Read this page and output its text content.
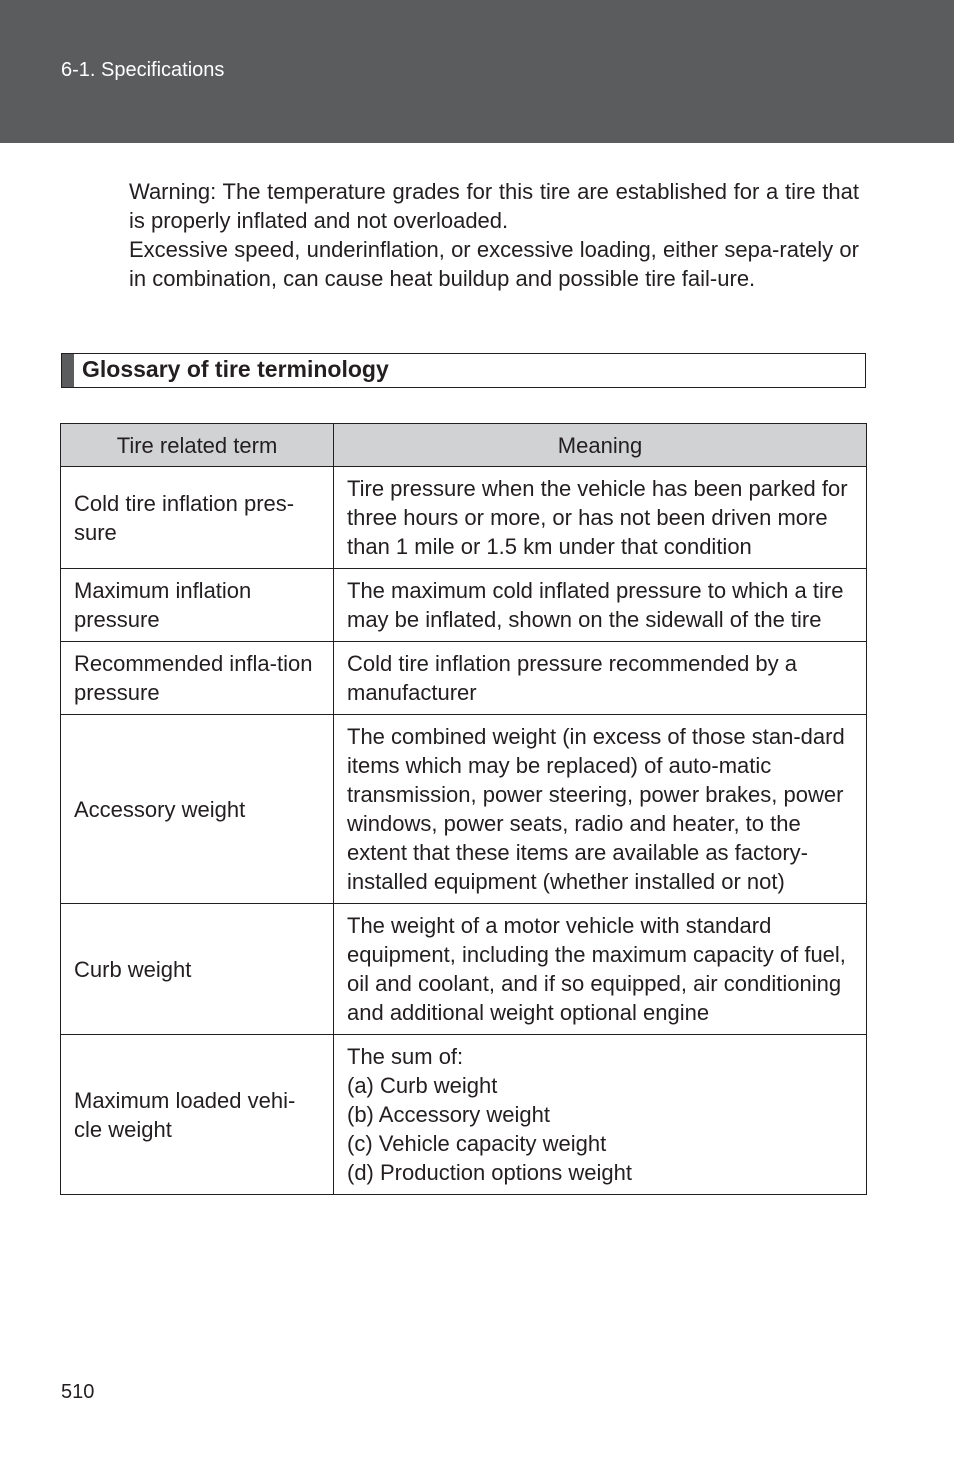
6-1. Specifications

Warning: The temperature grades for this tire are established for a tire that is properly inflated and not overloaded.

Excessive speed, underinflation, or excessive loading, either sepa-rately or in combination, can cause heat buildup and possible tire fail-ure.

Glossary of tire terminology
Tire related term	Meaning
Cold tire inflation pres-sure	Tire pressure when the vehicle has been parked for three hours or more, or has not been driven more than 1 mile or 1.5 km under that condition

Maximum inflation pressure	The maximum cold inflated pressure to which a tire may be inflated, shown on the sidewall of the tire

Recommended infla-tion pressure	Cold tire inflation pressure recommended by a manufacturer

Accessory weight	The combined weight (in excess of those stan-dard items which may be replaced) of auto-matic transmission, power steering, power brakes, power windows, power seats, radio and heater, to the extent that these items are available as factory-installed equipment (whether installed or not)

Curb weight	The weight of a motor vehicle with standard equipment, including the maximum capacity of fuel, oil and coolant, and if so equipped, air conditioning and additional weight optional engine

Maximum loaded vehi-cle weight	The sum of:
(a) Curb weight
(b) Accessory weight
(c) Vehicle capacity weight
(d) Production options weight
510
